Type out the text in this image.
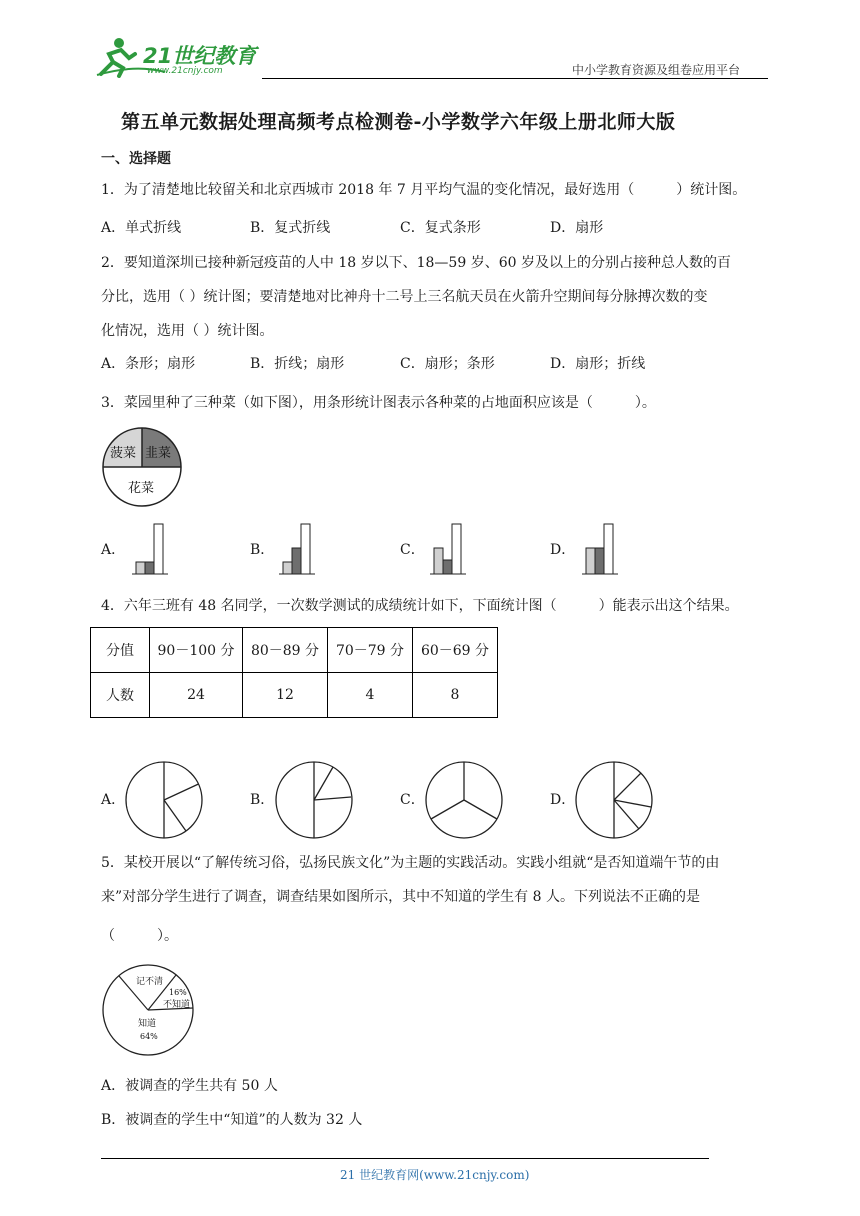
21世纪教育
www.21cnjy.com	中小学教育资源及组卷应用平台
第五单元数据处理高频考点检测卷-小学数学六年级上册北师大版
一、选择题
1．为了清楚地比较留关和北京西城市 2018 年 7 月平均气温的变化情况，最好选用（　　　）统计图。
A．单式折线	B．复式折线	C．复式条形	D．扇形
2．要知道深圳已接种新冠疫苗的人中 18 岁以下、18—59 岁、60 岁及以上的分别占接种总人数的百
分比，选用（ ）统计图；要清楚地对比神舟十二号上三名航天员在火箭升空期间每分脉搏次数的变
化情况，选用（ ）统计图。
A．条形；扇形	B．折线；扇形	C．扇形；条形	D．扇形；折线
3．菜园里种了三种菜（如下图），用条形统计图表示各种菜的占地面积应该是（　　　）。
菠菜 韭菜
花菜
A．	B．	C．	D．
4．六年三班有 48 名同学，一次数学测试的成绩统计如下，下面统计图（　　　）能表示出这个结果。
分值	90－100 分	80－89 分	70－79 分	60－69 分
人数	24	12	4	8
A．	B．	C．	D．
5．某校开展以“了解传统习俗，弘扬民族文化”为主题的实践活动。实践小组就“是否知道端午节的由
来”对部分学生进行了调查，调查结果如图所示，其中不知道的学生有 8 人。下列说法不正确的是
（　　　）。
记不清
16%
不知道
知道
64%
A．被调查的学生共有 50 人
B．被调查的学生中“知道”的人数为 32 人
21 世纪教育网(www.21cnjy.com)
